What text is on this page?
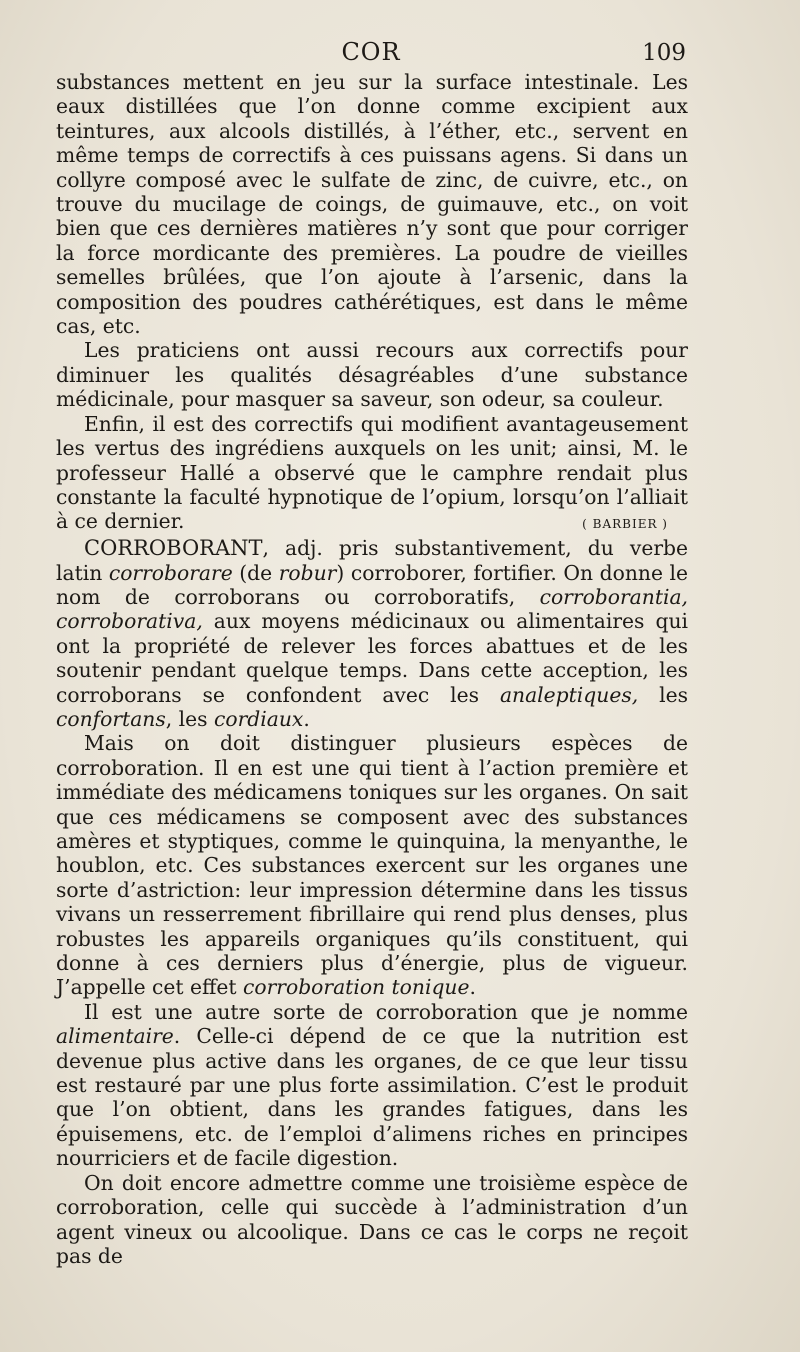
COR	109

substances mettent en jeu sur la surface intestinale. Les eaux distillées que l’on donne comme excipient aux teintures, aux alcools distillés, à l’éther, etc., servent en même temps de correctifs à ces puissans agens. Si dans un collyre composé avec le sulfate de zinc, de cuivre, etc., on trouve du mucilage de coings, de guimauve, etc., on voit bien que ces dernières matières n’y sont que pour corriger la force mordicante des premières. La poudre de vieilles semelles brûlées, que l’on ajoute à l’arsenic, dans la composition des poudres cathérétiques, est dans le même cas, etc.

Les praticiens ont aussi recours aux correctifs pour diminuer les qualités désagréables d’une substance médicinale, pour masquer sa saveur, son odeur, sa couleur.

Enfin, il est des correctifs qui modifient avantageusement les vertus des ingrédiens auxquels on les unit; ainsi, M. le professeur Hallé a observé que le camphre rendait plus constante la faculté hypnotique de l’opium, lorsqu’on l’alliait à ce dernier.	( BARBIER )

CORROBORANT, adj. pris substantivement, du verbe latin corroborare (de robur) corroborer, fortifier. On donne le nom de corroborans ou corroboratifs, corroborantia, corroborativa, aux moyens médicinaux ou alimentaires qui ont la propriété de relever les forces abattues et de les soutenir pendant quelque temps. Dans cette acception, les corroborans se confondent avec les analeptiques, les confortans, les cordiaux.

Mais on doit distinguer plusieurs espèces de corroboration. Il en est une qui tient à l’action première et immédiate des médicamens toniques sur les organes. On sait que ces médicamens se composent avec des substances amères et styptiques, comme le quinquina, la menyanthe, le houblon, etc. Ces substances exercent sur les organes une sorte d’astriction: leur impression détermine dans les tissus vivans un resserrement fibrillaire qui rend plus denses, plus robustes les appareils organiques qu’ils constituent, qui donne à ces derniers plus d’énergie, plus de vigueur. J’appelle cet effet corroboration tonique.

Il est une autre sorte de corroboration que je nomme alimentaire. Celle-ci dépend de ce que la nutrition est devenue plus active dans les organes, de ce que leur tissu est restauré par une plus forte assimilation. C’est le produit que l’on obtient, dans les grandes fatigues, dans les épuisemens, etc. de l’emploi d’alimens riches en principes nourriciers et de facile digestion.

On doit encore admettre comme une troisième espèce de corroboration, celle qui succède à l’administration d’un agent vineux ou alcoolique. Dans ce cas le corps ne reçoit pas de
